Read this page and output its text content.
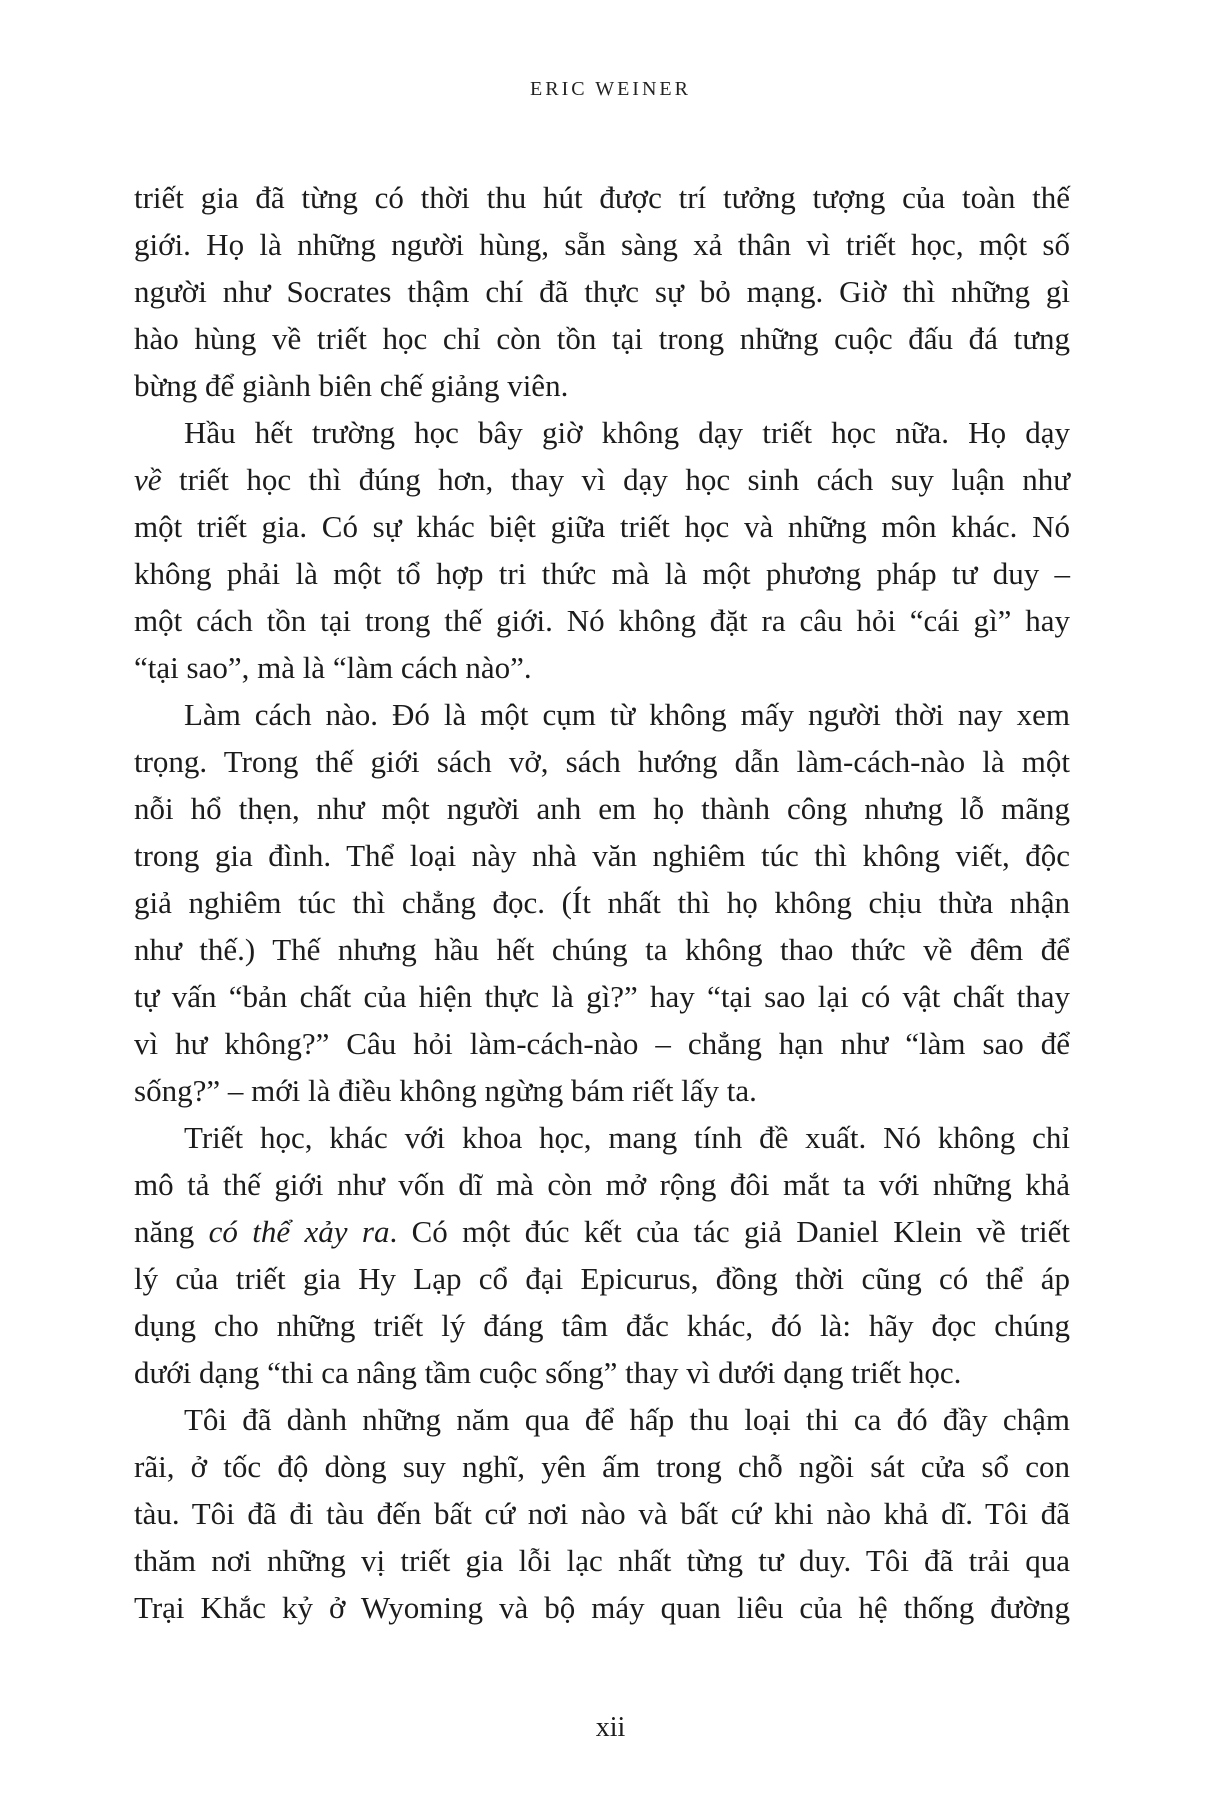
ERIC WEINER
triết gia đã từng có thời thu hút được trí tưởng tượng của toàn thế
giới. Họ là những người hùng, sẵn sàng xả thân vì triết học, một số
người như Socrates thậm chí đã thực sự bỏ mạng. Giờ thì những gì
hào hùng về triết học chỉ còn tồn tại trong những cuộc đấu đá tưng
bừng để giành biên chế giảng viên.
Hầu hết trường học bây giờ không dạy triết học nữa. Họ dạy
về triết học thì đúng hơn, thay vì dạy học sinh cách suy luận như
một triết gia. Có sự khác biệt giữa triết học và những môn khác. Nó
không phải là một tổ hợp tri thức mà là một phương pháp tư duy –
một cách tồn tại trong thế giới. Nó không đặt ra câu hỏi “cái gì” hay
“tại sao”, mà là “làm cách nào”.
Làm cách nào. Đó là một cụm từ không mấy người thời nay xem
trọng. Trong thế giới sách vở, sách hướng dẫn làm-cách-nào là một
nỗi hổ thẹn, như một người anh em họ thành công nhưng lỗ mãng
trong gia đình. Thể loại này nhà văn nghiêm túc thì không viết, độc
giả nghiêm túc thì chẳng đọc. (Ít nhất thì họ không chịu thừa nhận
như thế.) Thế nhưng hầu hết chúng ta không thao thức về đêm để
tự vấn “bản chất của hiện thực là gì?” hay “tại sao lại có vật chất thay
vì hư không?” Câu hỏi làm-cách-nào – chẳng hạn như “làm sao để
sống?” – mới là điều không ngừng bám riết lấy ta.
Triết học, khác với khoa học, mang tính đề xuất. Nó không chỉ
mô tả thế giới như vốn dĩ mà còn mở rộng đôi mắt ta với những khả
năng có thể xảy ra. Có một đúc kết của tác giả Daniel Klein về triết
lý của triết gia Hy Lạp cổ đại Epicurus, đồng thời cũng có thể áp
dụng cho những triết lý đáng tâm đắc khác, đó là: hãy đọc chúng
dưới dạng “thi ca nâng tầm cuộc sống” thay vì dưới dạng triết học.
Tôi đã dành những năm qua để hấp thu loại thi ca đó đầy chậm
rãi, ở tốc độ dòng suy nghĩ, yên ấm trong chỗ ngồi sát cửa sổ con
tàu. Tôi đã đi tàu đến bất cứ nơi nào và bất cứ khi nào khả dĩ. Tôi đã
thăm nơi những vị triết gia lỗi lạc nhất từng tư duy. Tôi đã trải qua
Trại Khắc kỷ ở Wyoming và bộ máy quan liêu của hệ thống đường
xii
